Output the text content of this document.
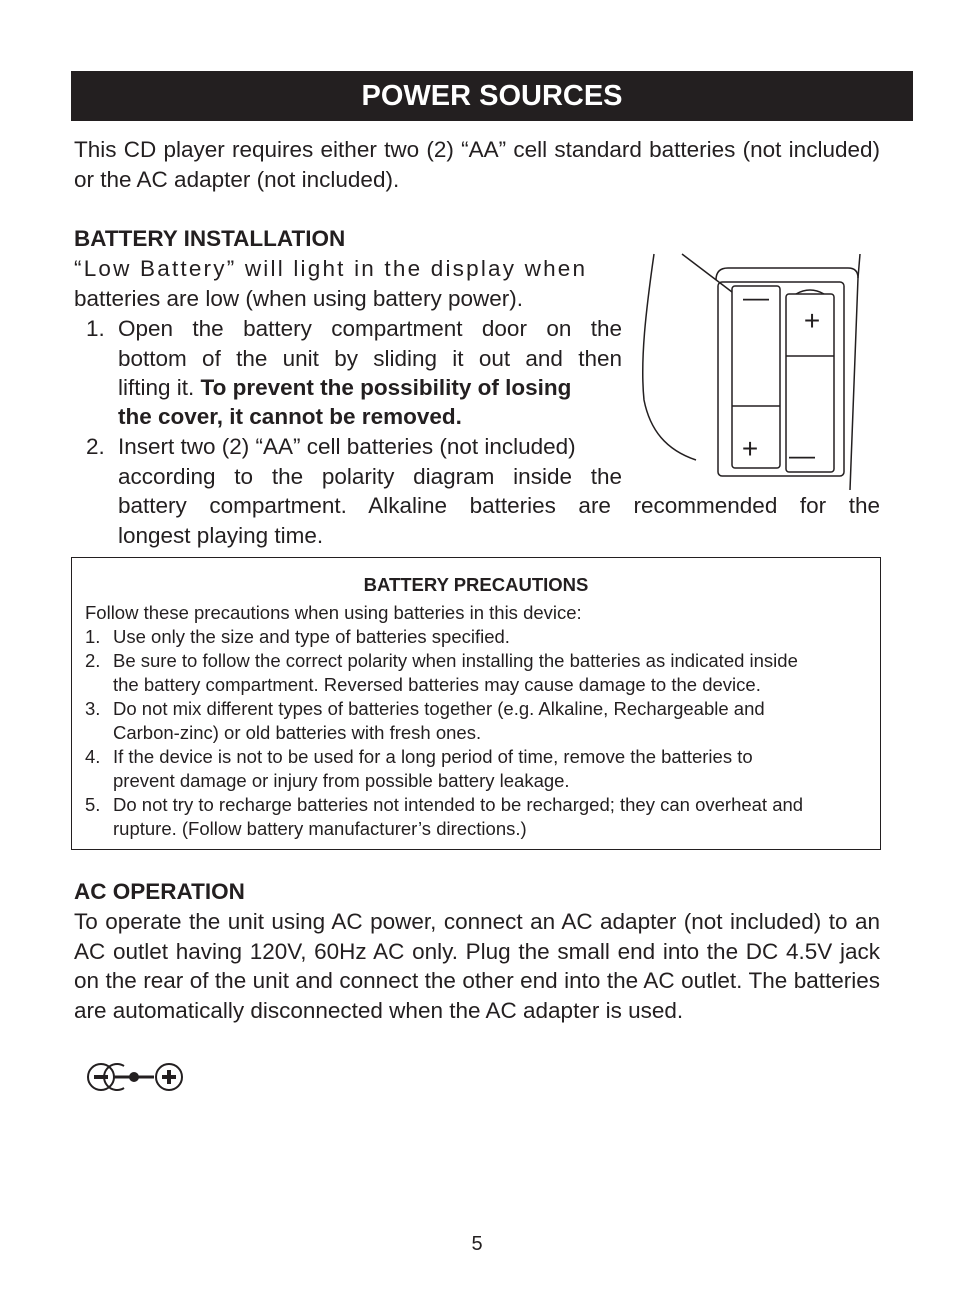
POWER SOURCES
This CD player requires either two (2) “AA” cell standard batteries (not included) or the AC adapter (not included).
BATTERY INSTALLATION
“Low Battery” will light in the display when
batteries are low (when using battery power).
1. Open the battery compartment door on the
bottom of the unit by sliding it out and then
lifting it. To prevent the possibility of losing
the cover, it cannot be removed.
2. Insert two (2) “AA” cell batteries (not included)
according to the polarity diagram inside the
battery compartment. Alkaline batteries are recommended for the
longest playing time.
—
+
+ —
BATTERY PRECAUTIONS
Follow these precautions when using batteries in this device:
1. Use only the size and type of batteries specified.
2. Be sure to follow the correct polarity when installing the batteries as indicated inside
the battery compartment. Reversed batteries may cause damage to the device.
3. Do not mix different types of batteries together (e.g. Alkaline, Rechargeable and
Carbon-zinc) or old batteries with fresh ones.
4. If the device is not to be used for a long period of time, remove the batteries to
prevent damage or injury from possible battery leakage.
5. Do not try to recharge batteries not intended to be recharged; they can overheat and
rupture. (Follow battery manufacturer’s directions.)
AC OPERATION
To operate the unit using AC power, connect an AC adapter (not included) to an AC outlet having 120V, 60Hz AC only. Plug the small end into the DC 4.5V jack on the rear of the unit and connect the other end into the AC outlet. The batteries are automatically disconnected when the AC adapter is used.
5
